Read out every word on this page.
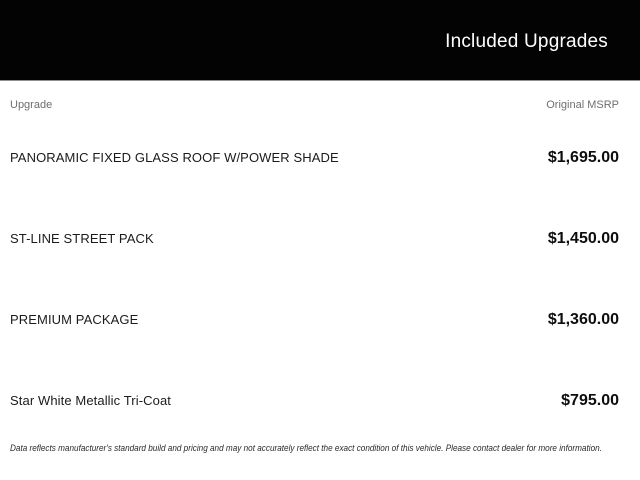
Included Upgrades
Upgrade	Original MSRP
PANORAMIC FIXED GLASS ROOF W/POWER SHADE	$1,695.00
ST-LINE STREET PACK	$1,450.00
PREMIUM PACKAGE	$1,360.00
Star White Metallic Tri-Coat	$795.00

Data reflects manufacturer's standard build and pricing and may not accurately reflect the exact condition of this vehicle. Please contact dealer for more information.
